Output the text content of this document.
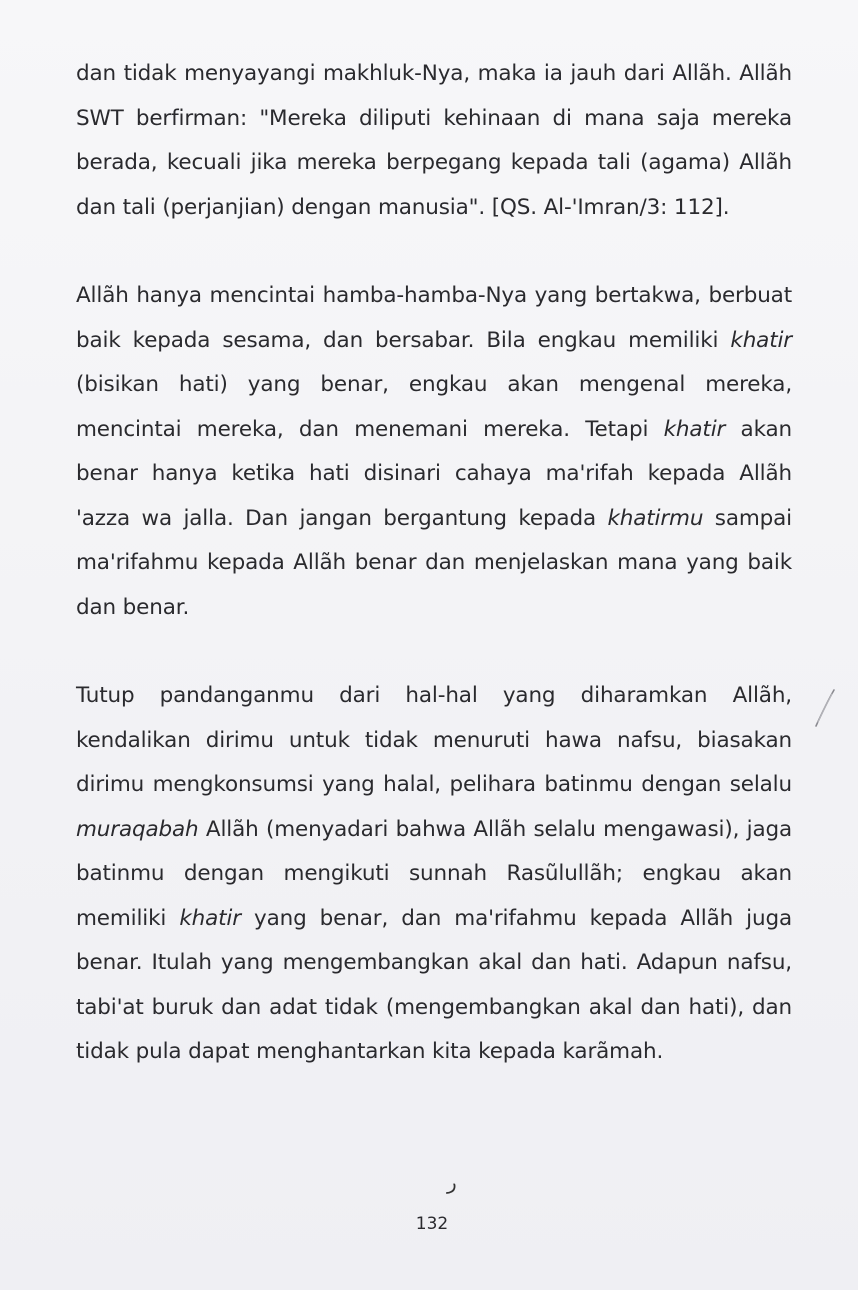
dan tidak menyayangi makhluk-Nya, maka ia jauh dari Allãh. Allãh SWT berfirman: "Mereka diliputi kehinaan di mana saja mereka berada, kecuali jika mereka berpegang kepada tali (agama) Allãh dan tali (perjanjian) dengan manusia". [QS. Al-'Imran/3: 112].

Allãh hanya mencintai hamba-hamba-Nya yang bertakwa, berbuat baik kepada sesama, dan bersabar. Bila engkau memiliki khatir (bisikan hati) yang benar, engkau akan mengenal mereka, mencintai mereka, dan menemani mereka. Tetapi khatir akan benar hanya ketika hati disinari cahaya ma'rifah kepada Allãh 'azza wa jalla. Dan jangan bergantung kepada khatirmu sampai ma'rifahmu kepada Allãh benar dan menjelaskan mana yang baik dan benar.

Tutup pandanganmu dari hal-hal yang diharamkan Allãh, kendalikan dirimu untuk tidak menuruti hawa nafsu, biasakan dirimu mengkonsumsi yang halal, pelihara batinmu dengan selalu muraqabah Allãh (menyadari bahwa Allãh selalu mengawasi), jaga batinmu dengan mengikuti sunnah Rasũlullãh; engkau akan memiliki khatir yang benar, dan ma'rifahmu kepada Allãh juga benar. Itulah yang mengembangkan akal dan hati. Adapun nafsu, tabi'at buruk dan adat tidak (mengembangkan akal dan hati), dan tidak pula dapat menghantarkan kita kepada karãmah.

ﺭ
132
